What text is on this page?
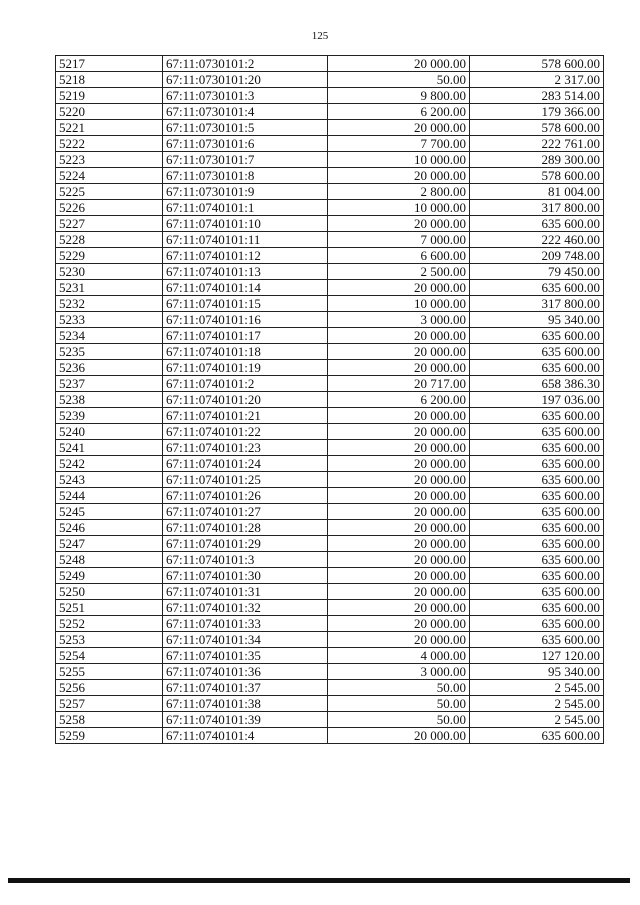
125
5217	67:11:0730101:2	20 000.00	578 600.00
5218	67:11:0730101:20	50.00	2 317.00
5219	67:11:0730101:3	9 800.00	283 514.00
5220	67:11:0730101:4	6 200.00	179 366.00
5221	67:11:0730101:5	20 000.00	578 600.00
5222	67:11:0730101:6	7 700.00	222 761.00
5223	67:11:0730101:7	10 000.00	289 300.00
5224	67:11:0730101:8	20 000.00	578 600.00
5225	67:11:0730101:9	2 800.00	81 004.00
5226	67:11:0740101:1	10 000.00	317 800.00
5227	67:11:0740101:10	20 000.00	635 600.00
5228	67:11:0740101:11	7 000.00	222 460.00
5229	67:11:0740101:12	6 600.00	209 748.00
5230	67:11:0740101:13	2 500.00	79 450.00
5231	67:11:0740101:14	20 000.00	635 600.00
5232	67:11:0740101:15	10 000.00	317 800.00
5233	67:11:0740101:16	3 000.00	95 340.00
5234	67:11:0740101:17	20 000.00	635 600.00
5235	67:11:0740101:18	20 000.00	635 600.00
5236	67:11:0740101:19	20 000.00	635 600.00
5237	67:11:0740101:2	20 717.00	658 386.30
5238	67:11:0740101:20	6 200.00	197 036.00
5239	67:11:0740101:21	20 000.00	635 600.00
5240	67:11:0740101:22	20 000.00	635 600.00
5241	67:11:0740101:23	20 000.00	635 600.00
5242	67:11:0740101:24	20 000.00	635 600.00
5243	67:11:0740101:25	20 000.00	635 600.00
5244	67:11:0740101:26	20 000.00	635 600.00
5245	67:11:0740101:27	20 000.00	635 600.00
5246	67:11:0740101:28	20 000.00	635 600.00
5247	67:11:0740101:29	20 000.00	635 600.00
5248	67:11:0740101:3	20 000.00	635 600.00
5249	67:11:0740101:30	20 000.00	635 600.00
5250	67:11:0740101:31	20 000.00	635 600.00
5251	67:11:0740101:32	20 000.00	635 600.00
5252	67:11:0740101:33	20 000.00	635 600.00
5253	67:11:0740101:34	20 000.00	635 600.00
5254	67:11:0740101:35	4 000.00	127 120.00
5255	67:11:0740101:36	3 000.00	95 340.00
5256	67:11:0740101:37	50.00	2 545.00
5257	67:11:0740101:38	50.00	2 545.00
5258	67:11:0740101:39	50.00	2 545.00
5259	67:11:0740101:4	20 000.00	635 600.00
